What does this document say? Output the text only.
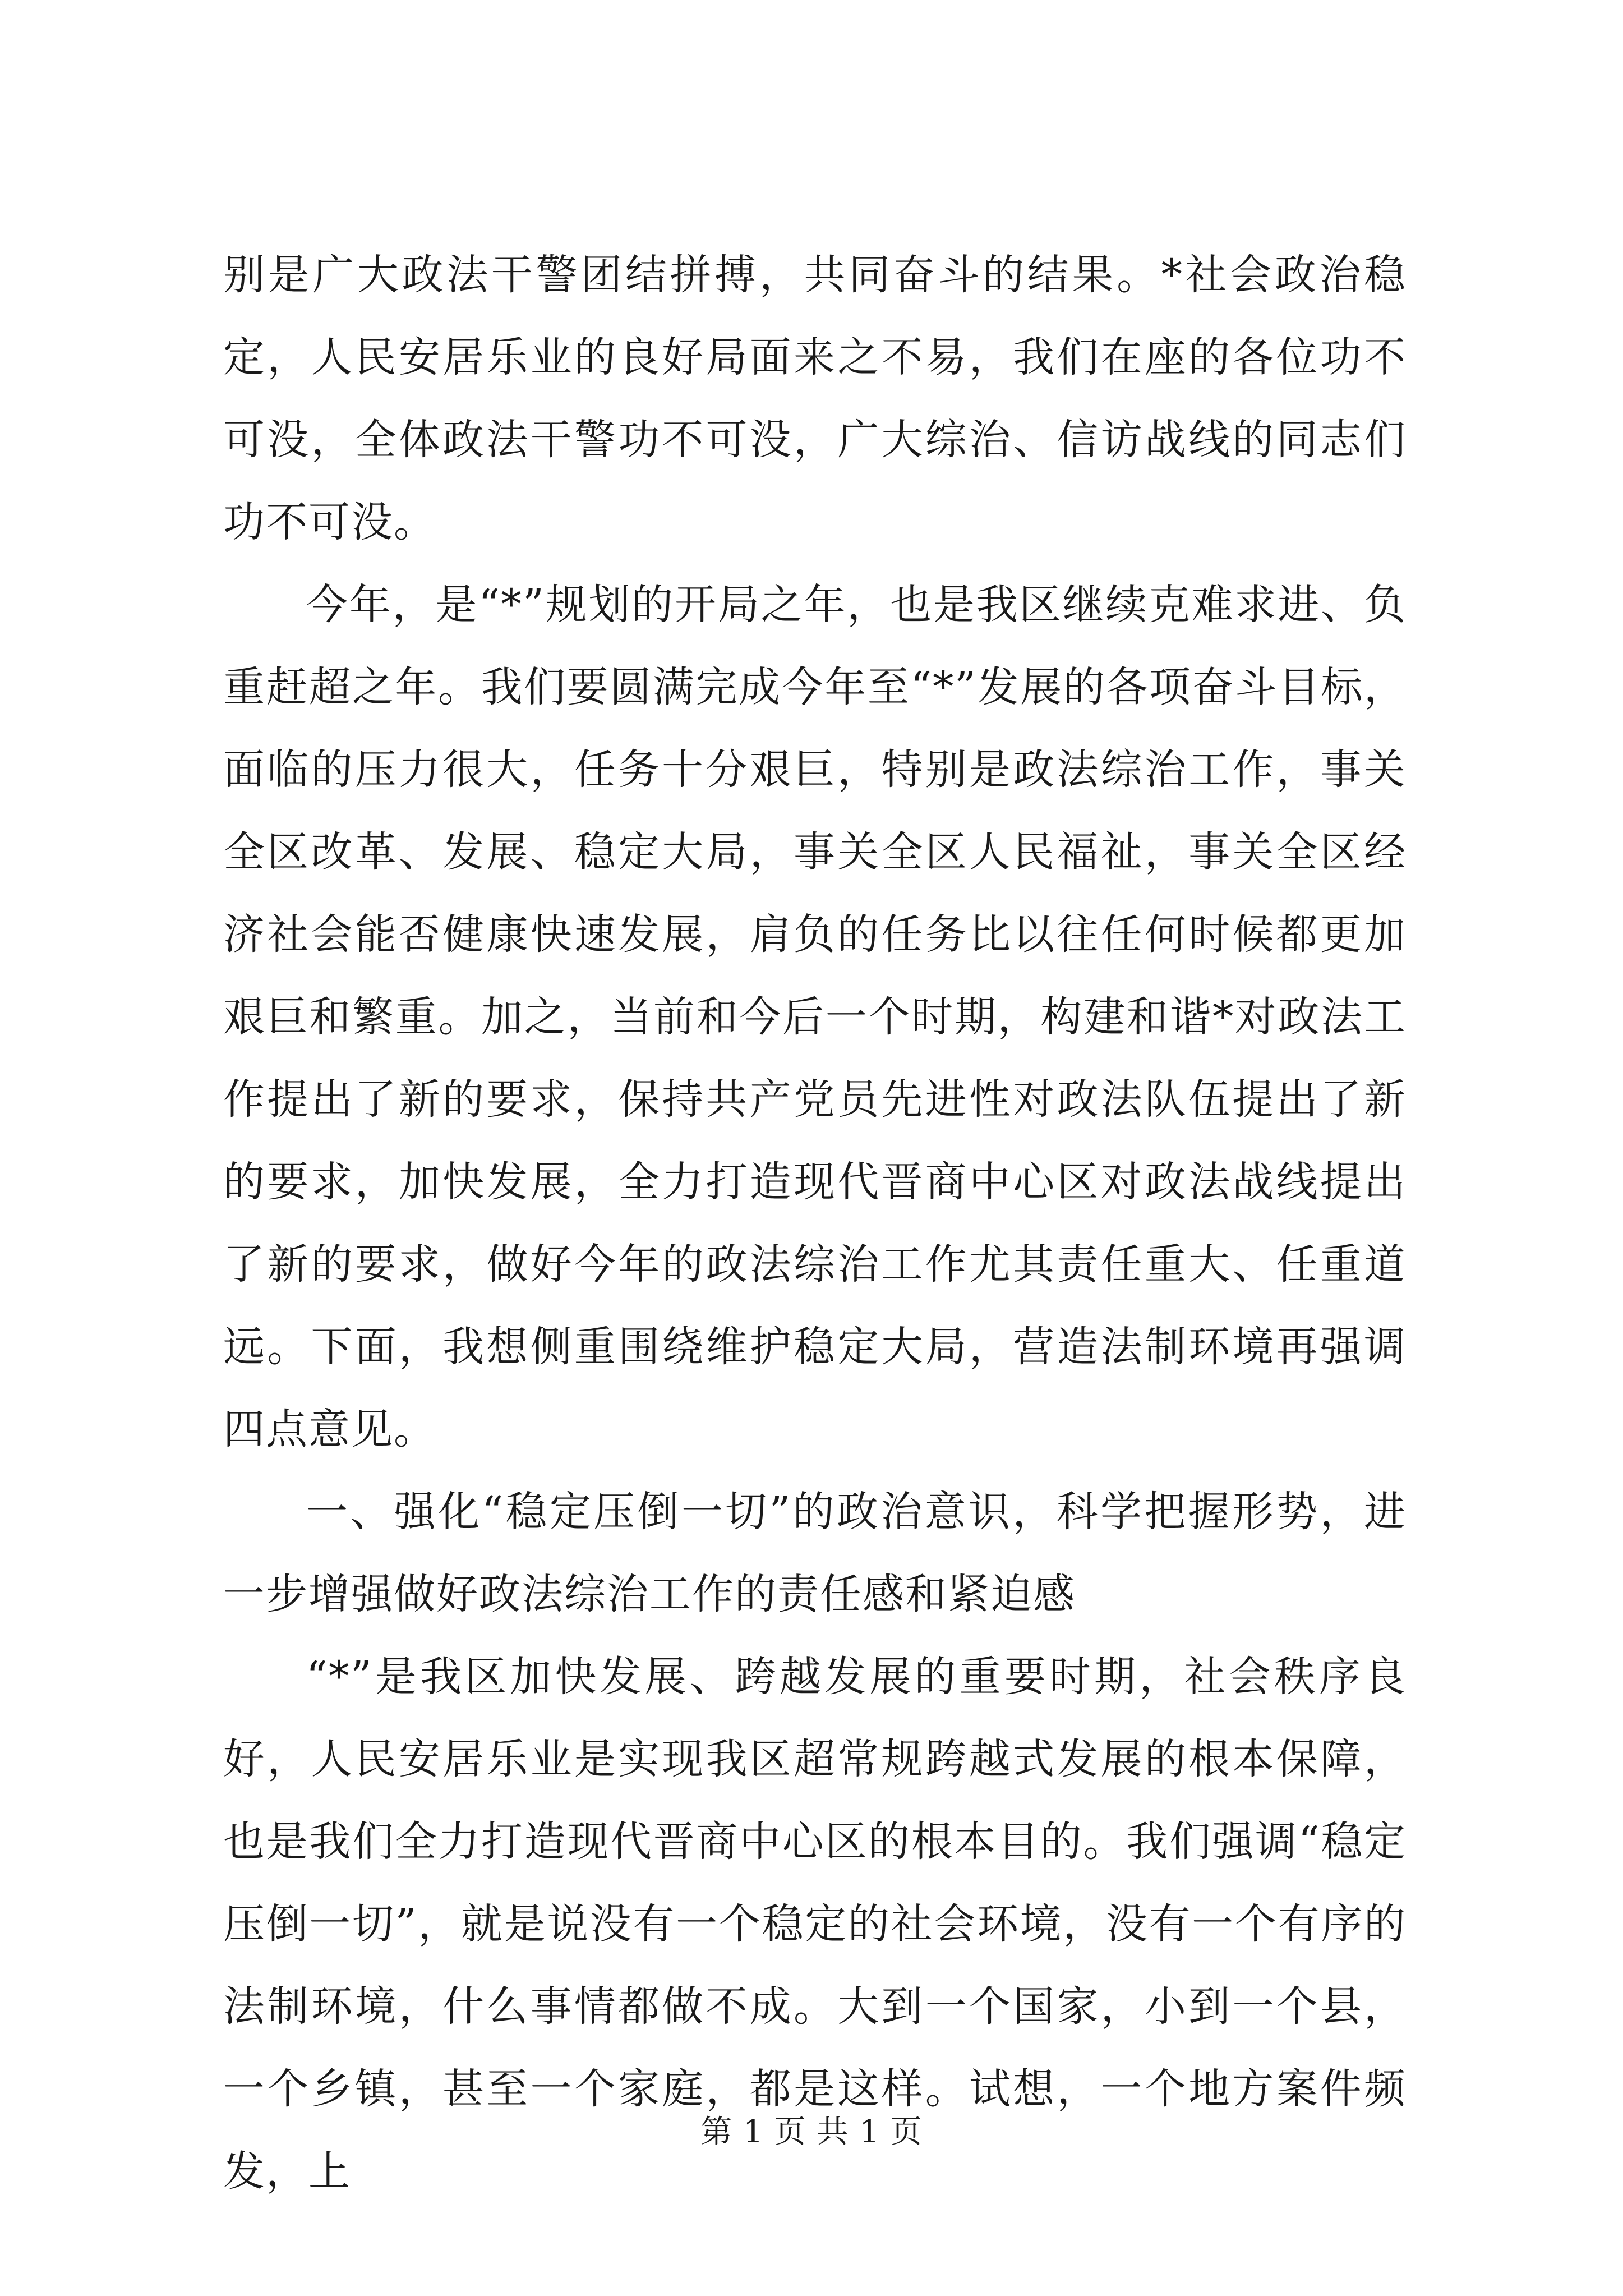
别是广大政法干警团结拼搏，共同奋斗的结果。*社会政治稳定，人民安居乐业的良好局面来之不易，我们在座的各位功不可没，全体政法干警功不可没，广大综治、信访战线的同志们功不可没。

今年，是“*”规划的开局之年，也是我区继续克难求进、负重赶超之年。我们要圆满完成今年至“*”发展的各项奋斗目标，面临的压力很大，任务十分艰巨，特别是政法综治工作，事关全区改革、发展、稳定大局，事关全区人民福祉，事关全区经济社会能否健康快速发展，肩负的任务比以往任何时候都更加艰巨和繁重。加之，当前和今后一个时期，构建和谐*对政法工作提出了新的要求，保持共产党员先进性对政法队伍提出了新的要求，加快发展，全力打造现代晋商中心区对政法战线提出了新的要求，做好今年的政法综治工作尤其责任重大、任重道远。下面，我想侧重围绕维护稳定大局，营造法制环境再强调四点意见。

一、强化“稳定压倒一切”的政治意识，科学把握形势，进一步增强做好政法综治工作的责任感和紧迫感

“*”是我区加快发展、跨越发展的重要时期，社会秩序良好，人民安居乐业是实现我区超常规跨越式发展的根本保障，也是我们全力打造现代晋商中心区的根本目的。我们强调“稳定压倒一切”，就是说没有一个稳定的社会环境，没有一个有序的法制环境，什么事情都做不成。大到一个国家，小到一个县，一个乡镇，甚至一个家庭，都是这样。试想，一个地方案件频发，上

第 1 页 共 1 页
